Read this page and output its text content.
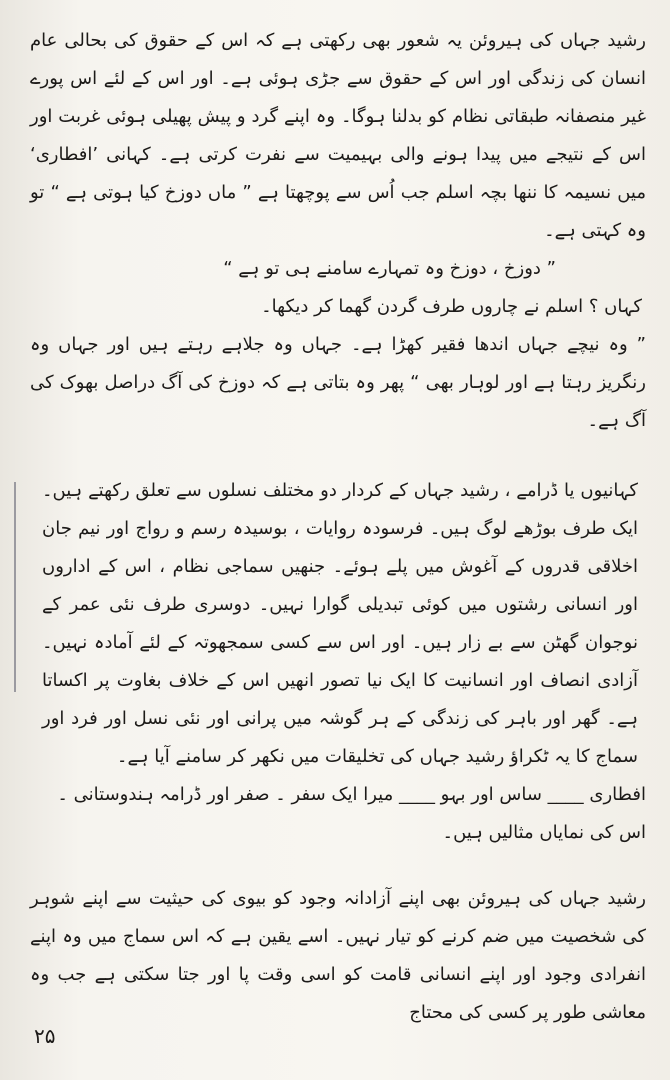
رشید جہاں کی ہیروئن یہ شعور بھی رکھتی ہے کہ اس کے حقوق کی بحالی عام انسان کی زندگی اور اس کے حقوق سے جڑی ہوئی ہے۔ اور اس کے لئے اس پورے غیر منصفانہ طبقاتی نظام کو بدلنا ہوگا۔ وہ اپنے گرد و پیش پھیلی ہوئی غربت اور اس کے نتیجے میں پیدا ہونے والی بہیمیت سے نفرت کرتی ہے۔ کہانی ’افطاری‘ میں نسیمہ کا ننھا بچہ اسلم جب اُس سے پوچھتا ہے ” ماں دوزخ کیا ہوتی ہے “ تو وہ کہتی ہے۔

” دوزخ ، دوزخ وہ تمہارے سامنے ہی تو ہے “

کہاں ؟ اسلم نے چاروں طرف گردن گھما کر دیکھا۔

” وہ نیچے جہاں اندھا فقیر کھڑا ہے۔ جہاں وہ جلاہے رہتے ہیں اور جہاں وہ رنگریز رہتا ہے اور لوہار بھی “ پھر وہ بتاتی ہے کہ دوزخ کی آگ دراصل بھوک کی آگ ہے۔

کہانیوں یا ڈرامے ، رشید جہاں کے کردار دو مختلف نسلوں سے تعلق رکھتے ہیں۔ ایک طرف بوڑھے لوگ ہیں۔ فرسودہ روایات ، بوسیدہ رسم و رواج اور نیم جان اخلاقی قدروں کے آغوش میں پلے ہوئے۔ جنھیں سماجی نظام ، اس کے اداروں اور انسانی رشتوں میں کوئی تبدیلی گوارا نہیں۔ دوسری طرف نئی عمر کے نوجوان گھٹن سے بے زار ہیں۔ اور اس سے کسی سمجھوتہ کے لئے آمادہ نہیں۔ آزادی انصاف اور انسانیت کا ایک نیا تصور انھیں اس کے خلاف بغاوت پر اکساتا ہے۔ گھر اور باہر کی زندگی کے ہر گوشہ میں پرانی اور نئی نسل اور فرد اور سماج کا یہ ٹکراؤ رشید جہاں کی تخلیقات میں نکھر کر سامنے آیا ہے۔

افطاری ____ ساس اور بہو ____ میرا ایک سفر ۔ صفر اور ڈرامہ ہندوستانی ۔

اس کی نمایاں مثالیں ہیں۔

رشید جہاں کی ہیروئن بھی اپنے آزادانہ وجود کو بیوی کی حیثیت سے اپنے شوہر کی شخصیت میں ضم کرنے کو تیار نہیں۔ اسے یقین ہے کہ اس سماج میں وہ اپنے انفرادی وجود اور اپنے انسانی قامت کو اسی وقت پا اور جتا سکتی ہے جب وہ معاشی طور پر کسی کی محتاج

۲۵
